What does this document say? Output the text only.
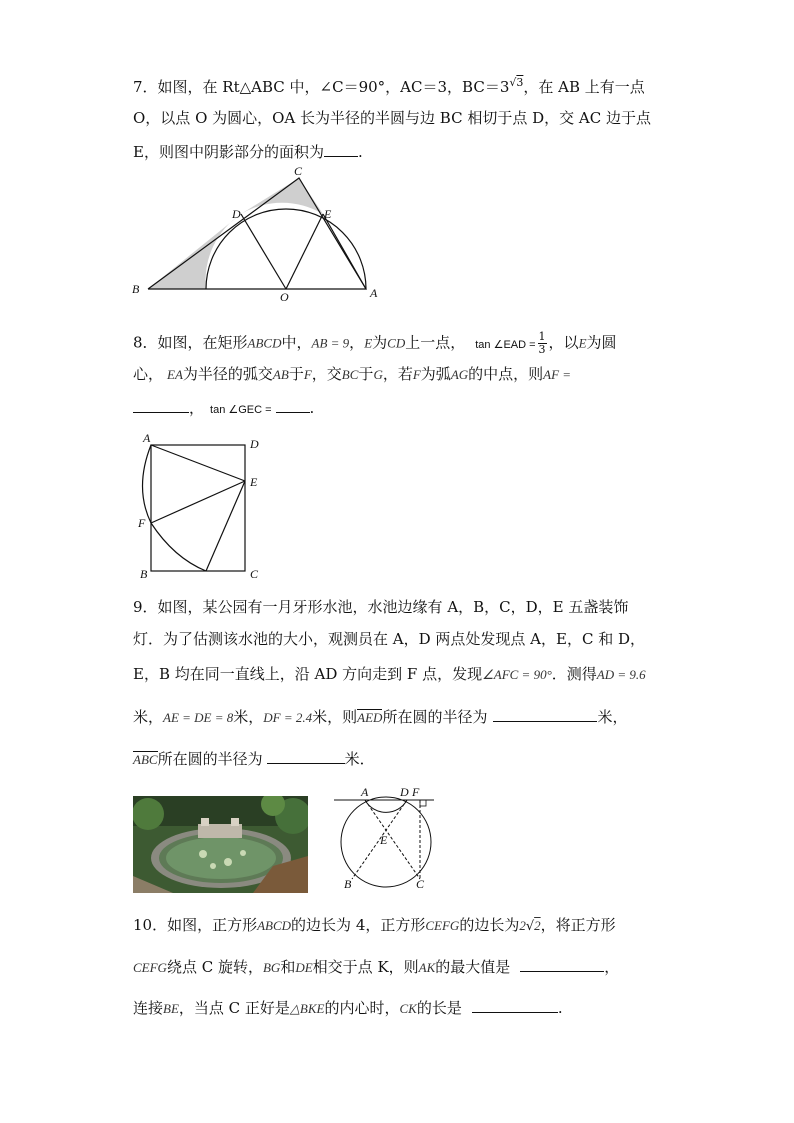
7．如图，在 Rt△ABC 中，∠C＝90°，AC＝3，$BC=3^{√3}$，在 AB 上有一点
O，以点 O 为圆心，OA 长为半径的半圆与边 BC 相切于点 D，交 AC 边于点
E，则图中阴影部分的面积为 .
C
D	E
B
O	A
8．如图，在矩形ABCD中，AB = 9，E为CD上一点， tan ∠EAD = $\frac{1}{3}$ ，以E为圆
心， EA为半径的弧交AB于F，交BC于G，若F为弧AG的中点，则AF =
， tan ∠GEC =	.
A	D
E
F
B	C
9．如图，某公园有一月牙形水池，水池边缘有 A，B，C，D，E 五盏装饰
灯．为了估测该水池的大小，观测员在 A，D 两点处发现点 A，E，C 和 D，
E，B 均在同一直线上，沿 AD 方向走到 F 点，发现∠AFC = 90°．测得AD = 9.6
米，AE = DE = 8米，DF = 2.4米，则AED所在圆的半径为	米，
ABC所在圆的半径为	米．
A	D F
E
B	C
10．如图，正方形ABCD的边长为 4，正方形CEFG的边长为2√2，将正方形
CEFG绕点 C 旋转，BG和DE相交于点 K，则AK的最大值是	，
连接BE，当点 C 正好是△BKE的内心时，CK的长是	.
